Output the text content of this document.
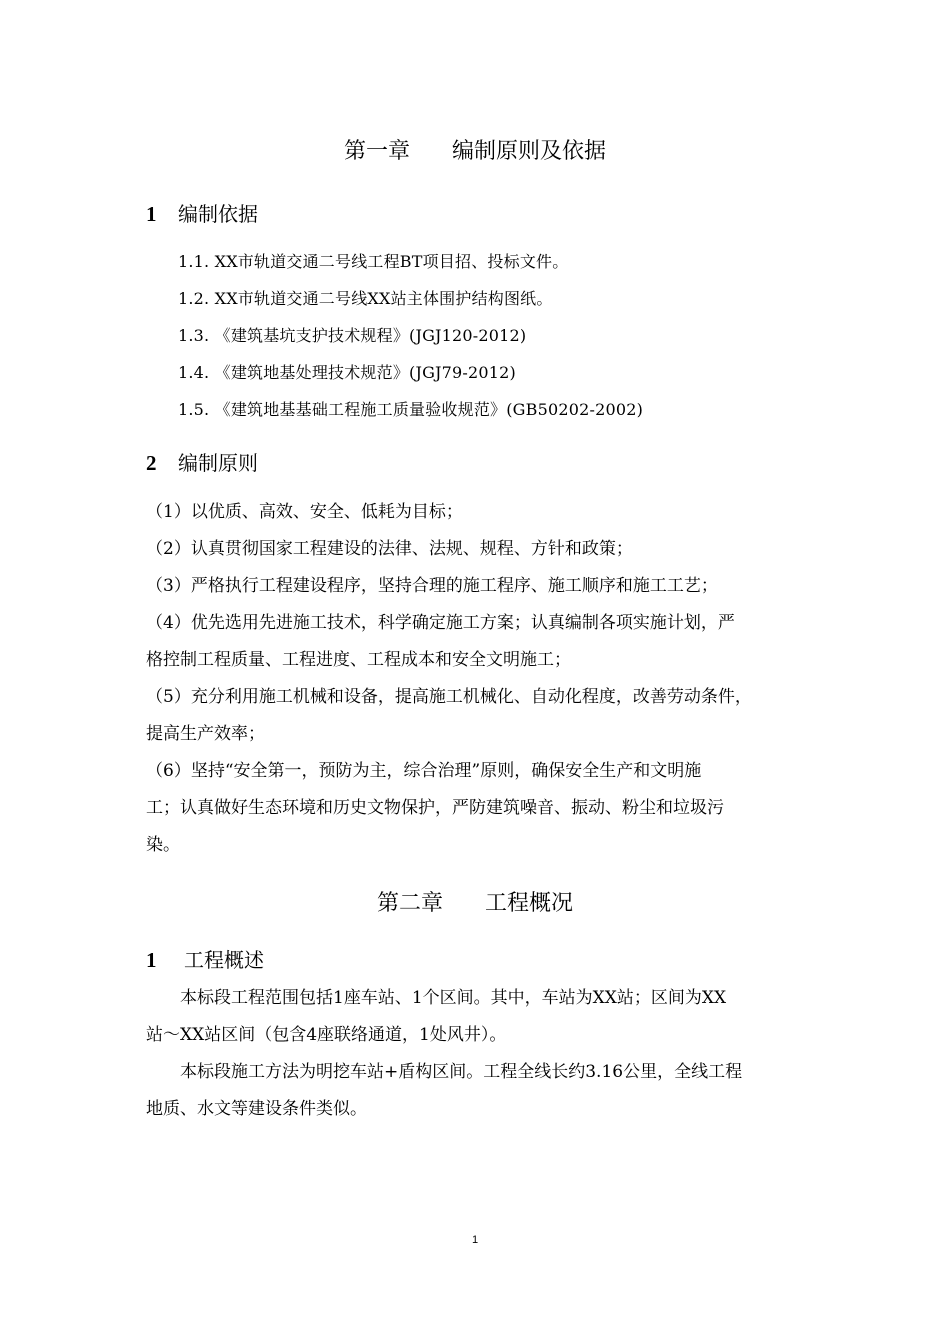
第一章      编制原则及依据
1 编制依据
1.1. XX市轨道交通二号线工程BT项目招、投标文件。
1.2. XX市轨道交通二号线XX站主体围护结构图纸。
1.3. 《建筑基坑支护技术规程》(JGJ120-2012)
1.4. 《建筑地基处理技术规范》(JGJ79-2012)
1.5. 《建筑地基基础工程施工质量验收规范》(GB50202-2002)
2 编制原则
（1）以优质、高效、安全、低耗为目标；
（2）认真贯彻国家工程建设的法律、法规、规程、方针和政策；
（3）严格执行工程建设程序，坚持合理的施工程序、施工顺序和施工工艺；
（4）优先选用先进施工技术，科学确定施工方案；认真编制各项实施计划，严
格控制工程质量、工程进度、工程成本和安全文明施工；
（5）充分利用施工机械和设备，提高施工机械化、自动化程度，改善劳动条件，
提高生产效率；
（6）坚持“安全第一，预防为主，综合治理”原则，确保安全生产和文明施
工；认真做好生态环境和历史文物保护，严防建筑噪音、振动、粉尘和垃圾污
染。
第二章      工程概况
1 工程概述
本标段工程范围包括1座车站、1个区间。其中，车站为XX站；区间为XX
站～XX站区间（包含4座联络通道，1处风井）。
本标段施工方法为明挖车站+盾构区间。工程全线长约3.16公里，全线工程
地质、水文等建设条件类似。
1
